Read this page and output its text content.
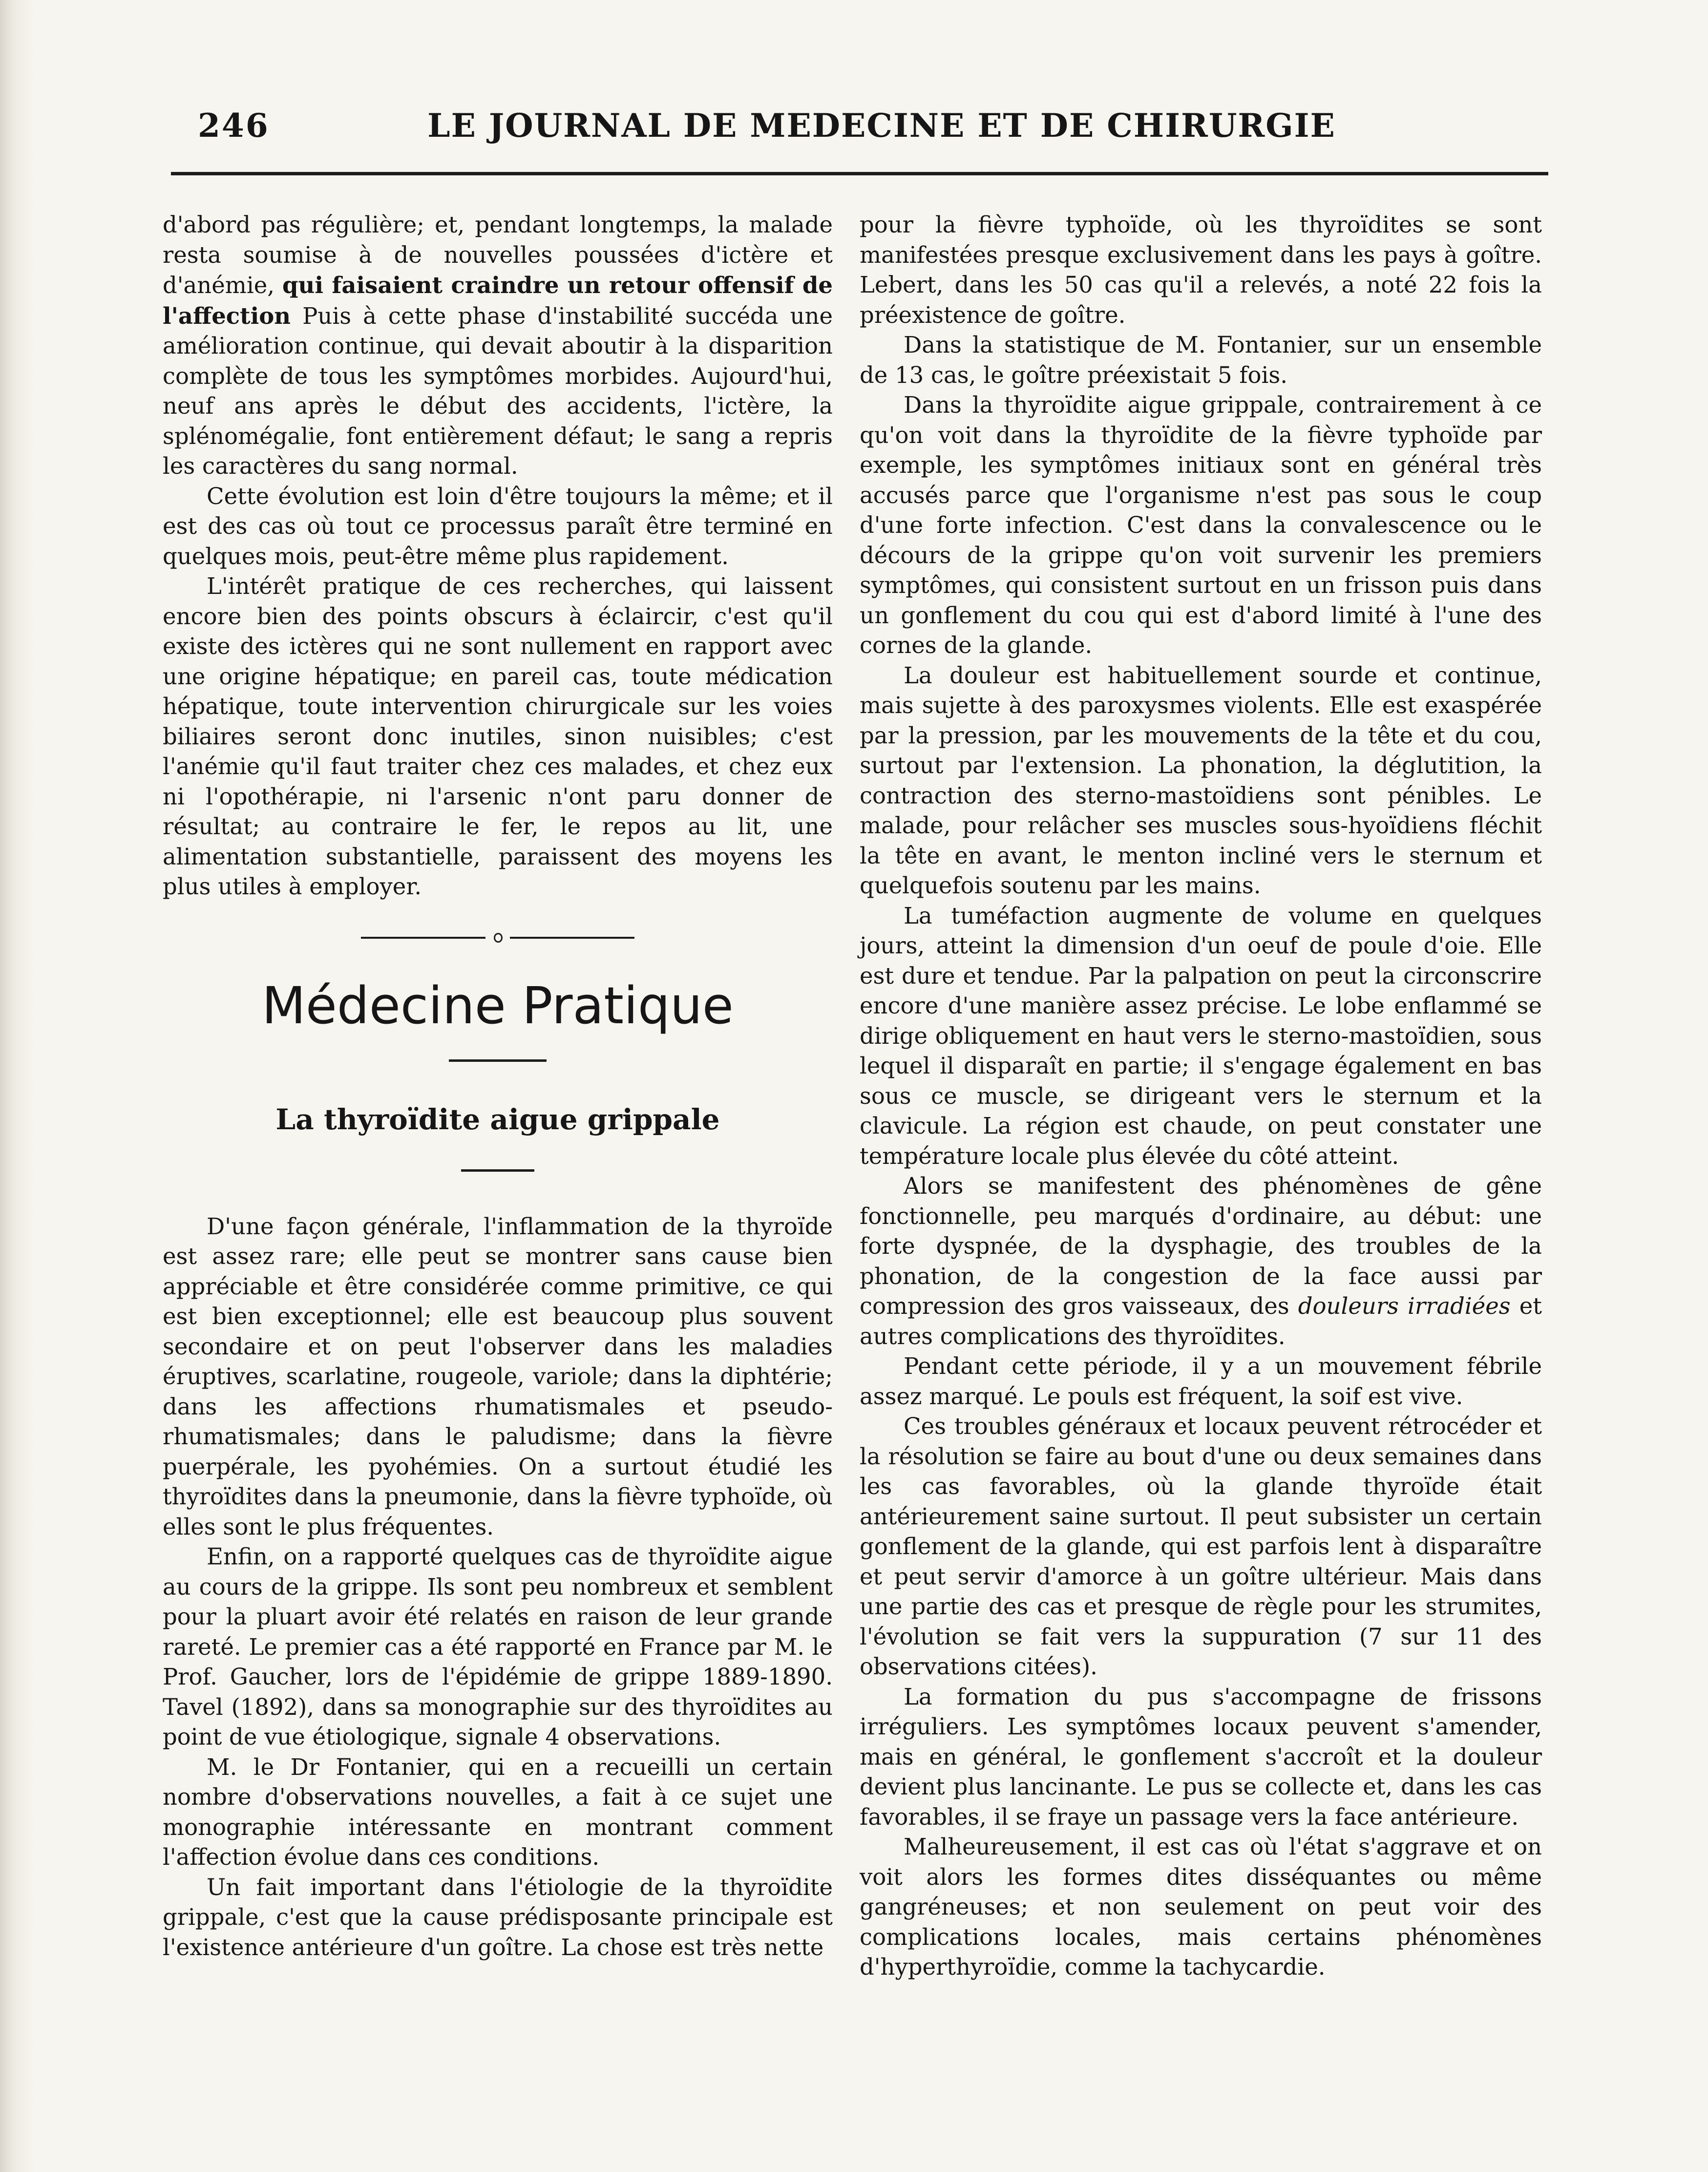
246	LE JOURNAL DE MEDECINE ET DE CHIRURGIE

d'abord pas régulière; et, pendant longtemps, la malade resta soumise à de nouvelles poussées d'ictère et d'anémie, qui faisaient craindre un retour offensif de l'affection Puis à cette phase d'instabilité succéda une amélioration continue, qui devait aboutir à la disparition complète de tous les symptômes morbides. Aujourd'hui, neuf ans après le début des accidents, l'ictère, la splénomégalie, font entièrement défaut; le sang a repris les caractères du sang normal.

Cette évolution est loin d'être toujours la même; et il est des cas où tout ce processus paraît être terminé en quelques mois, peut-être même plus rapidement.

L'intérêt pratique de ces recherches, qui laissent encore bien des points obscurs à éclaircir, c'est qu'il existe des ictères qui ne sont nullement en rapport avec une origine hépatique; en pareil cas, toute médication hépatique, toute intervention chirurgicale sur les voies biliaires seront donc inutiles, sinon nuisibles; c'est l'anémie qu'il faut traiter chez ces malades, et chez eux ni l'opothérapie, ni l'arsenic n'ont paru donner de résultat; au contraire le fer, le repos au lit, une alimentation substantielle, paraissent des moyens les plus utiles à employer.

Médecine Pratique
La thyroïdite aigue grippale

D'une façon générale, l'inflammation de la thyroïde est assez rare; elle peut se montrer sans cause bien appréciable et être considérée comme primitive, ce qui est bien exceptionnel; elle est beaucoup plus souvent secondaire et on peut l'observer dans les maladies éruptives, scarlatine, rougeole, variole; dans la diphtérie; dans les affections rhumatismales et pseudo-rhumatismales; dans le paludisme; dans la fièvre puerpérale, les pyohémies. On a surtout étudié les thyroïdites dans la pneumonie, dans la fièvre typhoïde, où elles sont le plus fréquentes.

Enfin, on a rapporté quelques cas de thyroïdite aigue au cours de la grippe. Ils sont peu nombreux et semblent pour la pluart avoir été relatés en raison de leur grande rareté. Le premier cas a été rapporté en France par M. le Prof. Gaucher, lors de l'épidémie de grippe 1889-1890. Tavel (1892), dans sa monographie sur des thyroïdites au point de vue étiologique, signale 4 observations.

M. le Dr Fontanier, qui en a recueilli un certain nombre d'observations nouvelles, a fait à ce sujet une monographie intéressante en montrant comment l'affection évolue dans ces conditions.

Un fait important dans l'étiologie de la thyroïdite grippale, c'est que la cause prédisposante principale est l'existence antérieure d'un goître. La chose est très nette

pour la fièvre typhoïde, où les thyroïdites se sont manifestées presque exclusivement dans les pays à goître. Lebert, dans les 50 cas qu'il a relevés, a noté 22 fois la préexistence de goître.

Dans la statistique de M. Fontanier, sur un ensemble de 13 cas, le goître préexistait 5 fois.

Dans la thyroïdite aigue grippale, contrairement à ce qu'on voit dans la thyroïdite de la fièvre typhoïde par exemple, les symptômes initiaux sont en général très accusés parce que l'organisme n'est pas sous le coup d'une forte infection. C'est dans la convalescence ou le décours de la grippe qu'on voit survenir les premiers symptômes, qui consistent surtout en un frisson puis dans un gonflement du cou qui est d'abord limité à l'une des cornes de la glande.

La douleur est habituellement sourde et continue, mais sujette à des paroxysmes violents. Elle est exaspérée par la pression, par les mouvements de la tête et du cou, surtout par l'extension. La phonation, la déglutition, la contraction des sterno-mastoïdiens sont pénibles. Le malade, pour relâcher ses muscles sous-hyoïdiens fléchit la tête en avant, le menton incliné vers le sternum et quelquefois soutenu par les mains.

La tuméfaction augmente de volume en quelques jours, atteint la dimension d'un oeuf de poule d'oie. Elle est dure et tendue. Par la palpation on peut la circonscrire encore d'une manière assez précise. Le lobe enflammé se dirige obliquement en haut vers le sterno-mastoïdien, sous lequel il disparaît en partie; il s'engage également en bas sous ce muscle, se dirigeant vers le sternum et la clavicule. La région est chaude, on peut constater une température locale plus élevée du côté atteint.

Alors se manifestent des phénomènes de gêne fonctionnelle, peu marqués d'ordinaire, au début: une forte dyspnée, de la dysphagie, des troubles de la phonation, de la congestion de la face aussi par compression des gros vaisseaux, des douleurs irradiées et autres complications des thyroïdites.

Pendant cette période, il y a un mouvement fébrile assez marqué. Le pouls est fréquent, la soif est vive.

Ces troubles généraux et locaux peuvent rétrocéder et la résolution se faire au bout d'une ou deux semaines dans les cas favorables, où la glande thyroïde était antérieurement saine surtout. Il peut subsister un certain gonflement de la glande, qui est parfois lent à disparaître et peut servir d'amorce à un goître ultérieur. Mais dans une partie des cas et presque de règle pour les strumites, l'évolution se fait vers la suppuration (7 sur 11 des observations citées).

La formation du pus s'accompagne de frissons irréguliers. Les symptômes locaux peuvent s'amender, mais en général, le gonflement s'accroît et la douleur devient plus lancinante. Le pus se collecte et, dans les cas favorables, il se fraye un passage vers la face antérieure.

Malheureusement, il est cas où l'état s'aggrave et on voit alors les formes dites disséquantes ou même gangréneuses; et non seulement on peut voir des complications locales, mais certains phénomènes d'hyperthyroïdie, comme la tachycardie.
